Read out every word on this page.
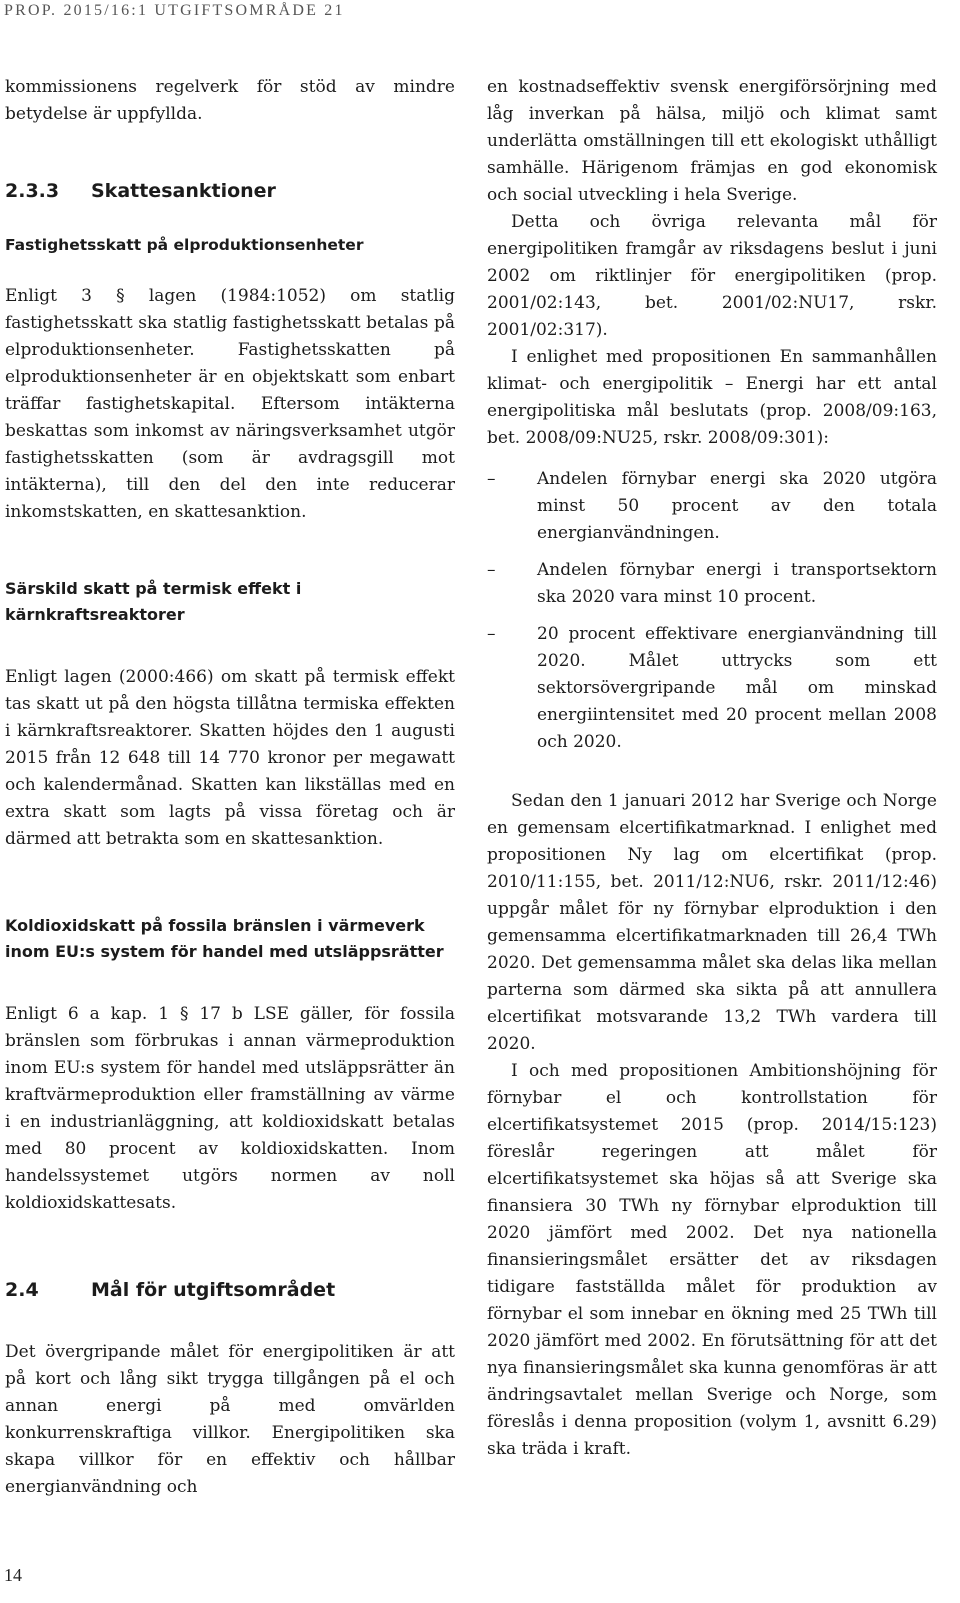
PROP. 2015/16:1 UTGIFTSOMRÅDE 21

kommissionens regelverk för stöd av mindre betydelse är uppfyllda.

2.3.3 Skattesanktioner
Fastighetsskatt på elproduktionsenheter

Enligt 3 § lagen (1984:1052) om statlig fastighetsskatt ska statlig fastighetsskatt betalas på elproduktionsenheter. Fastighetsskatten på elproduktionsenheter är en objektskatt som enbart träffar fastighetskapital. Eftersom intäkterna beskattas som inkomst av näringsverksamhet utgör fastighetsskatten (som är avdragsgill mot intäkterna), till den del den inte reducerar inkomstskatten, en skattesanktion.

Särskild skatt på termisk effekt i kärnkraftsreaktorer

Enligt lagen (2000:466) om skatt på termisk effekt tas skatt ut på den högsta tillåtna termiska effekten i kärnkraftsreaktorer. Skatten höjdes den 1 augusti 2015 från 12 648 till 14 770 kronor per megawatt och kalendermånad. Skatten kan likställas med en extra skatt som lagts på vissa företag och är därmed att betrakta som en skattesanktion.

Koldioxidskatt på fossila bränslen i värmeverk inom EU:s system för handel med utsläppsrätter

Enligt 6 a kap. 1 § 17 b LSE gäller, för fossila bränslen som förbrukas i annan värmeproduktion inom EU:s system för handel med utsläppsrätter än kraftvärmeproduktion eller framställning av värme i en industrianläggning, att koldioxidskatt betalas med 80 procent av koldioxidskatten. Inom handelssystemet utgörs normen av noll koldioxidskattesats.

2.4	Mål för utgiftsområdet

Det övergripande målet för energipolitiken är att på kort och lång sikt trygga tillgången på el och annan energi på med omvärlden konkurrenskraftiga villkor. Energipolitiken ska skapa villkor för en effektiv och hållbar energianvändning och

en kostnadseffektiv svensk energiförsörjning med låg inverkan på hälsa, miljö och klimat samt underlätta omställningen till ett ekologiskt uthålligt samhälle. Härigenom främjas en god ekonomisk och social utveckling i hela Sverige.

Detta och övriga relevanta mål för energipolitiken framgår av riksdagens beslut i juni 2002 om riktlinjer för energipolitiken (prop. 2001/02:143, bet. 2001/02:NU17, rskr. 2001/02:317).

I enlighet med propositionen En sammanhållen klimat- och energipolitik – Energi har ett antal energipolitiska mål beslutats (prop. 2008/09:163, bet. 2008/09:NU25, rskr. 2008/09:301):

– Andelen förnybar energi ska 2020 utgöra minst 50 procent av den totala energianvändningen.
– Andelen förnybar energi i transportsektorn ska 2020 vara minst 10 procent.
– 20 procent effektivare energianvändning till 2020. Målet uttrycks som ett sektorsövergripande mål om minskad energiintensitet med 20 procent mellan 2008 och 2020.

Sedan den 1 januari 2012 har Sverige och Norge en gemensam elcertifikatmarknad. I enlighet med propositionen Ny lag om elcertifikat (prop. 2010/11:155, bet. 2011/12:NU6, rskr. 2011/12:46) uppgår målet för ny förnybar elproduktion i den gemensamma elcertifikatmarknaden till 26,4 TWh 2020. Det gemensamma målet ska delas lika mellan parterna som därmed ska sikta på att annullera elcertifikat motsvarande 13,2 TWh vardera till 2020.

I och med propositionen Ambitionshöjning för förnybar el och kontrollstation för elcertifikatsystemet 2015 (prop. 2014/15:123) föreslår regeringen att målet för elcertifikatsystemet ska höjas så att Sverige ska finansiera 30 TWh ny förnybar elproduktion till 2020 jämfört med 2002. Det nya nationella finansieringsmålet ersätter det av riksdagen tidigare fastställda målet för produktion av förnybar el som innebar en ökning med 25 TWh till 2020 jämfört med 2002. En förutsättning för att det nya finansieringsmålet ska kunna genomföras är att ändringsavtalet mellan Sverige och Norge, som föreslås i denna proposition (volym 1, avsnitt 6.29) ska träda i kraft.

14
